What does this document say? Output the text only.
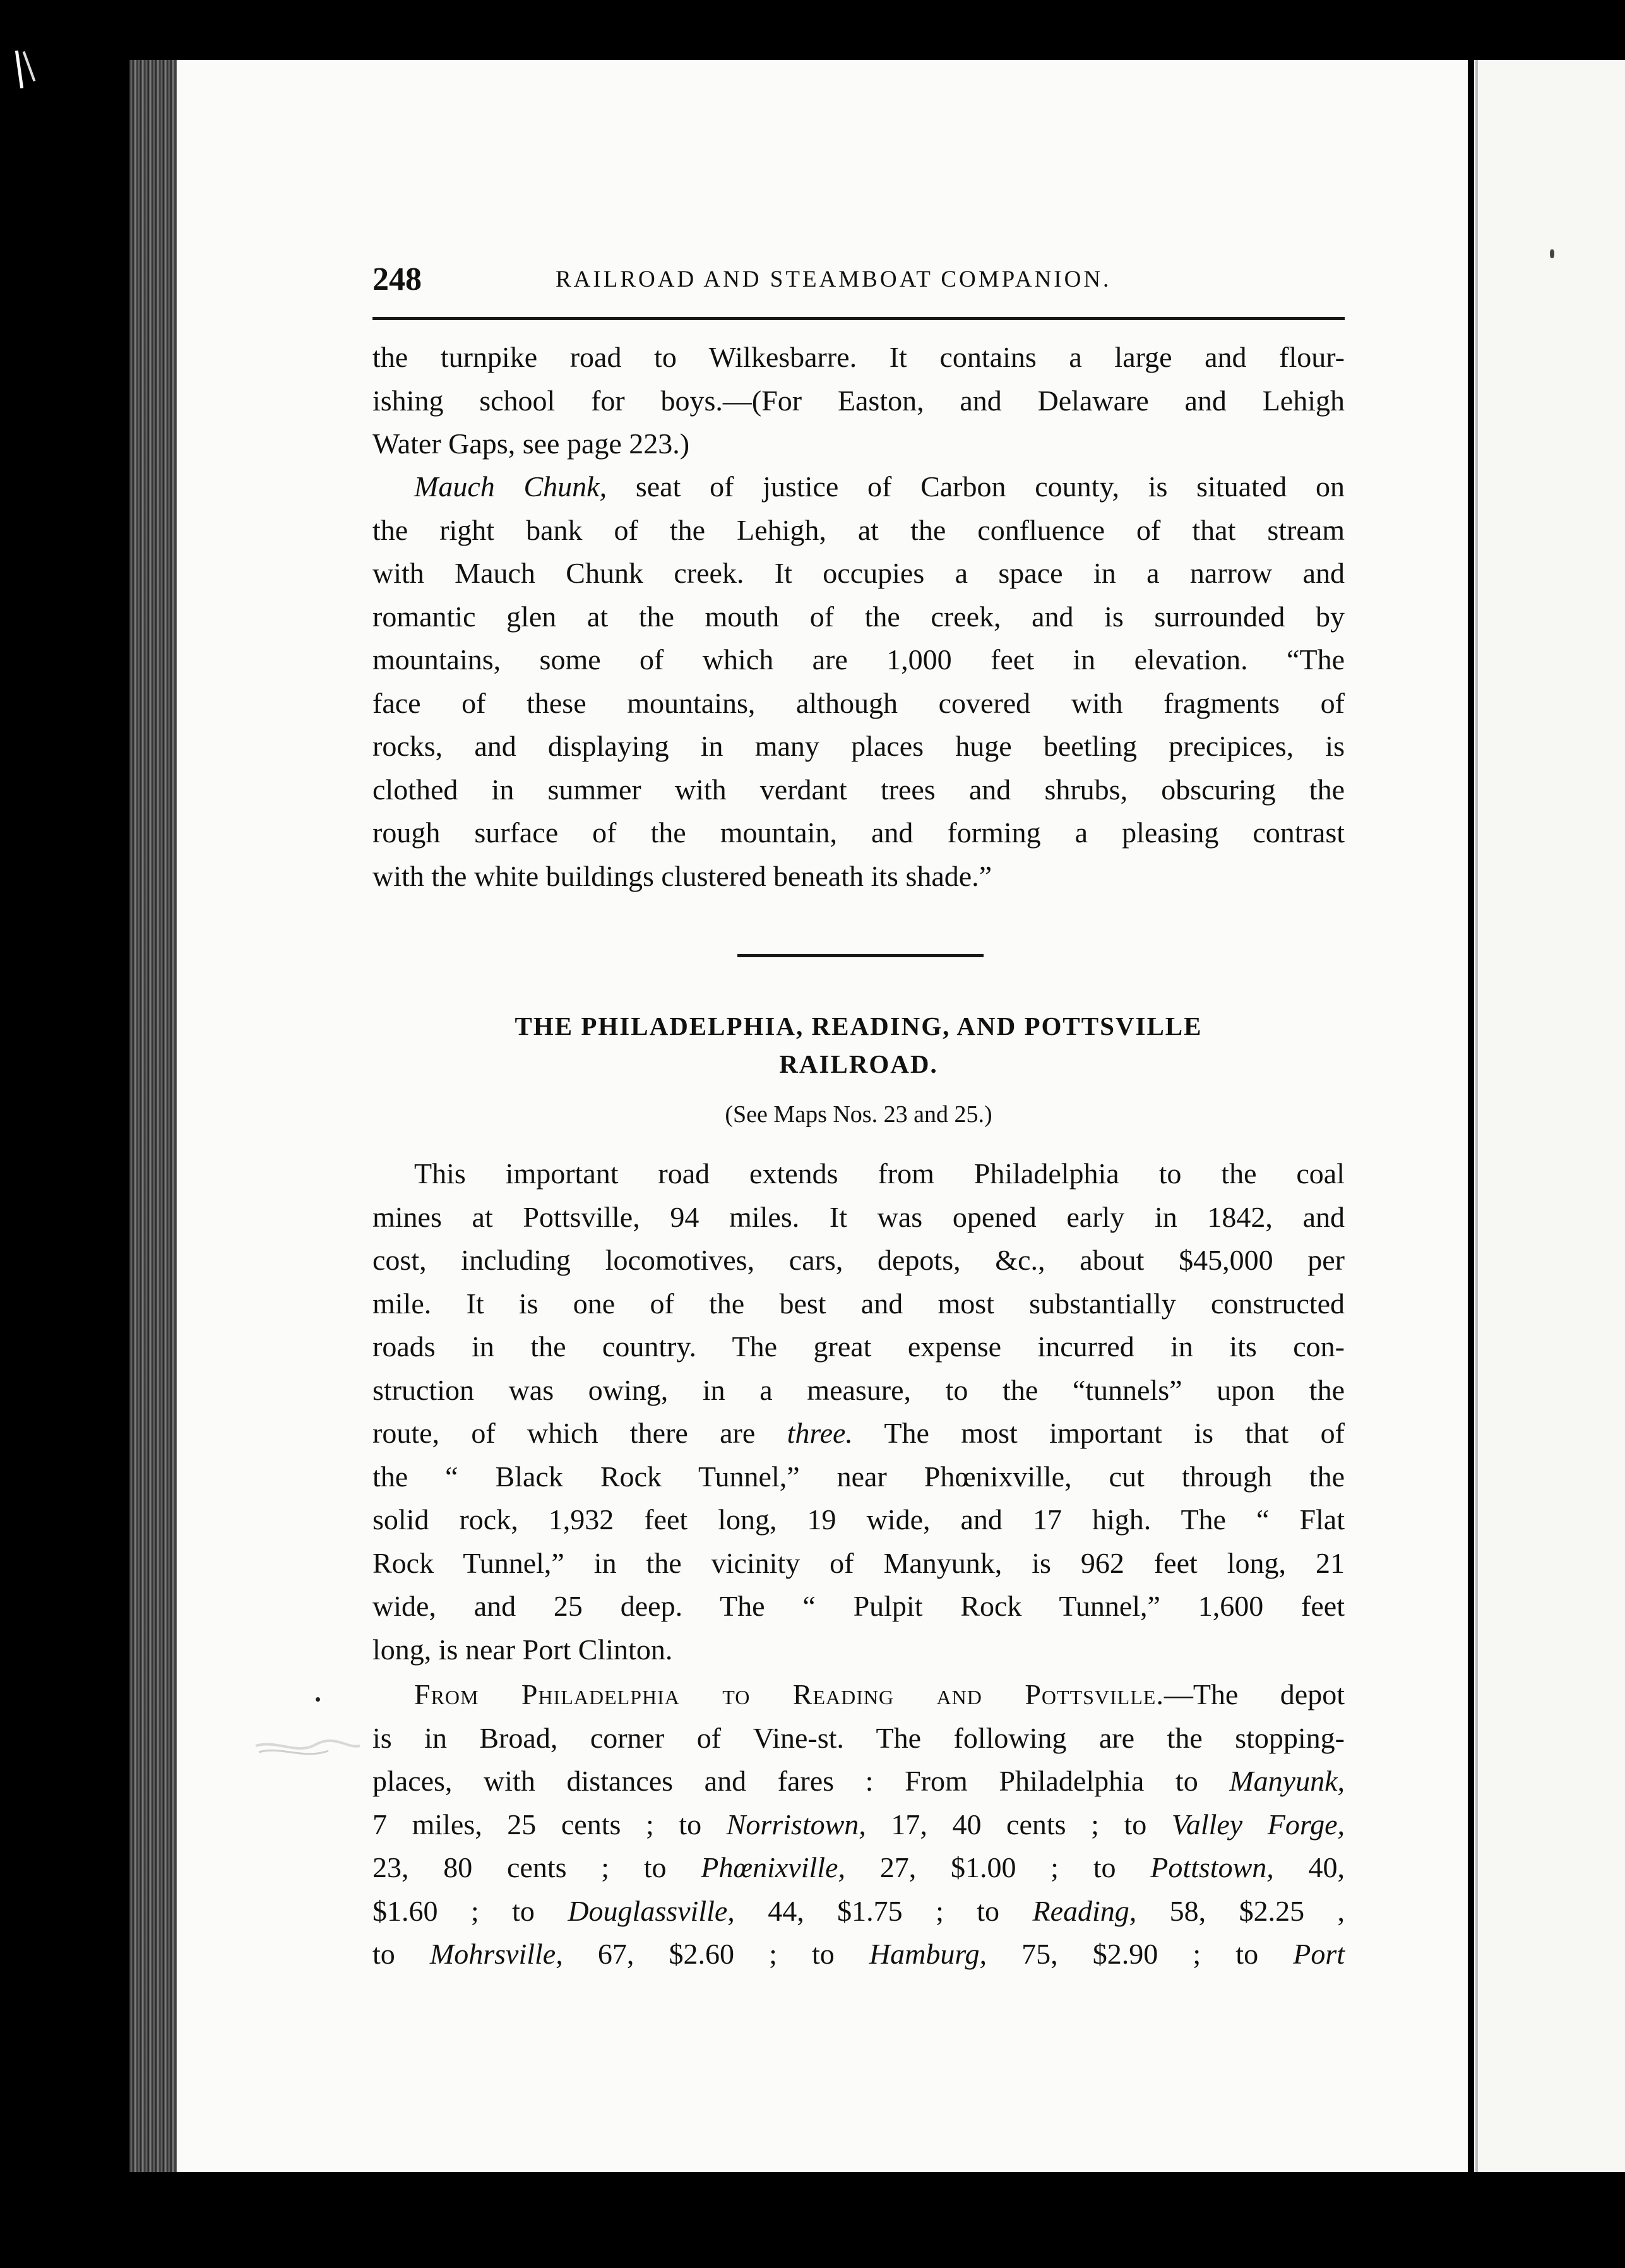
248	RAILROAD AND STEAMBOAT COMPANION.
the turnpike road to Wilkesbarre. It contains a large and flour-
ishing school for boys.—(For Easton, and Delaware and Lehigh
Water Gaps, see page 223.)
Mauch Chunk, seat of justice of Carbon county, is situated on
the right bank of the Lehigh, at the confluence of that stream
with Mauch Chunk creek. It occupies a space in a narrow and
romantic glen at the mouth of the creek, and is surrounded by
mountains, some of which are 1,000 feet in elevation. “The
face of these mountains, although covered with fragments of
rocks, and displaying in many places huge beetling precipices, is
clothed in summer with verdant trees and shrubs, obscuring the
rough surface of the mountain, and forming a pleasing contrast
with the white buildings clustered beneath its shade.”
THE PHILADELPHIA, READING, AND POTTSVILLE
RAILROAD.
(See Maps Nos. 23 and 25.)
This important road extends from Philadelphia to the coal
mines at Pottsville, 94 miles. It was opened early in 1842, and
cost, including locomotives, cars, depots, &c., about $45,000 per
mile. It is one of the best and most substantially constructed
roads in the country. The great expense incurred in its con-
struction was owing, in a measure, to the “tunnels” upon the
route, of which there are three. The most important is that of
the “ Black Rock Tunnel,” near Phœnixville, cut through the
solid rock, 1,932 feet long, 19 wide, and 17 high. The “ Flat
Rock Tunnel,” in the vicinity of Manyunk, is 962 feet long, 21
wide, and 25 deep. The “ Pulpit Rock Tunnel,” 1,600 feet
long, is near Port Clinton.
From Philadelphia to Reading and Pottsville.—The depot
is in Broad, corner of Vine-st. The following are the stopping-
places, with distances and fares : From Philadelphia to Manyunk,
7 miles, 25 cents ; to Norristown, 17, 40 cents ; to Valley Forge,
23, 80 cents ; to Phœnixville, 27, $1.00 ; to Pottstown, 40,
$1.60 ; to Douglassville, 44, $1.75 ; to Reading, 58, $2.25 ,
to Mohrsville, 67, $2.60 ; to Hamburg, 75, $2.90 ; to Port
